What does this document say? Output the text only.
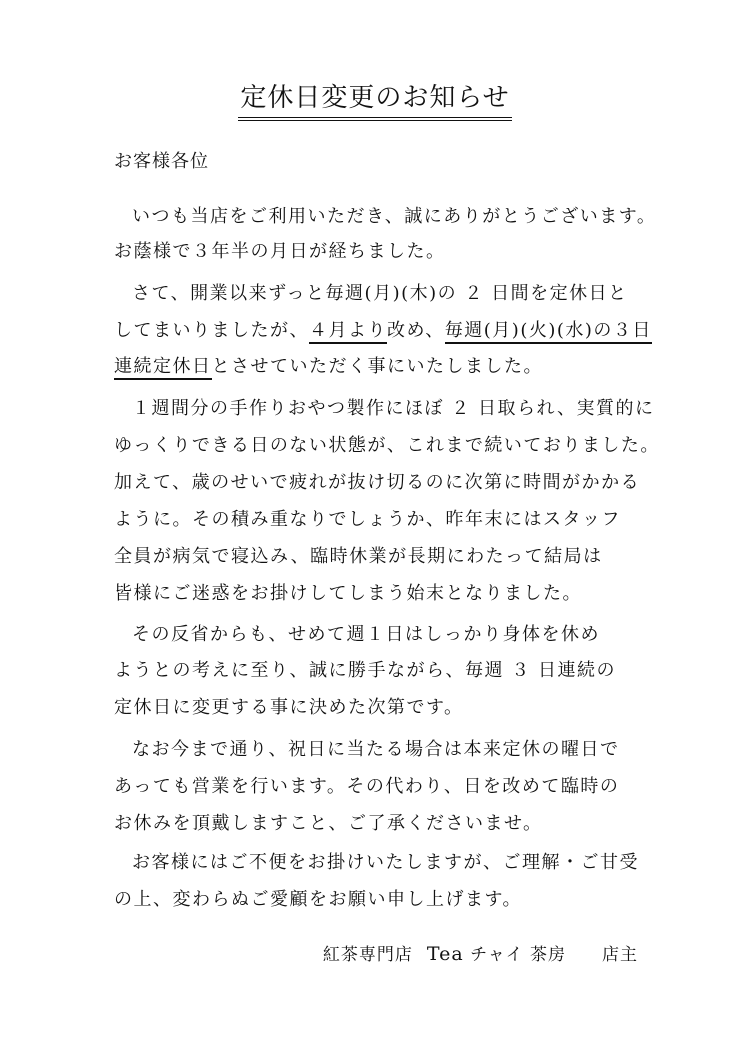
定休日変更のお知らせ
お客様各位
いつも当店をご利用いただき、誠にありがとうございます。
お蔭様で３年半の月日が経ちました。
さて、開業以来ずっと毎週(月)(木)の ２ 日間を定休日と
してまいりましたが、４月より改め、毎週(月)(火)(水)の３日
連続定休日とさせていただく事にいたしました。
１週間分の手作りおやつ製作にほぼ ２ 日取られ、実質的に
ゆっくりできる日のない状態が、これまで続いておりました。
加えて、歳のせいで疲れが抜け切るのに次第に時間がかかる
ように。その積み重なりでしょうか、昨年末にはスタッフ
全員が病気で寝込み、臨時休業が長期にわたって結局は
皆様にご迷惑をお掛けしてしまう始末となりました。
その反省からも、せめて週１日はしっかり身体を休め
ようとの考えに至り、誠に勝手ながら、毎週 ３ 日連続の
定休日に変更する事に決めた次第です。
なお今まで通り、祝日に当たる場合は本来定休の曜日で
あっても営業を行います。その代わり、日を改めて臨時の
お休みを頂戴しますこと、ご了承くださいませ。
お客様にはご不便をお掛けいたしますが、ご理解・ご甘受
の上、変わらぬご愛顧をお願い申し上げます。
紅茶専門店 Tea チャイ 茶房 店主
